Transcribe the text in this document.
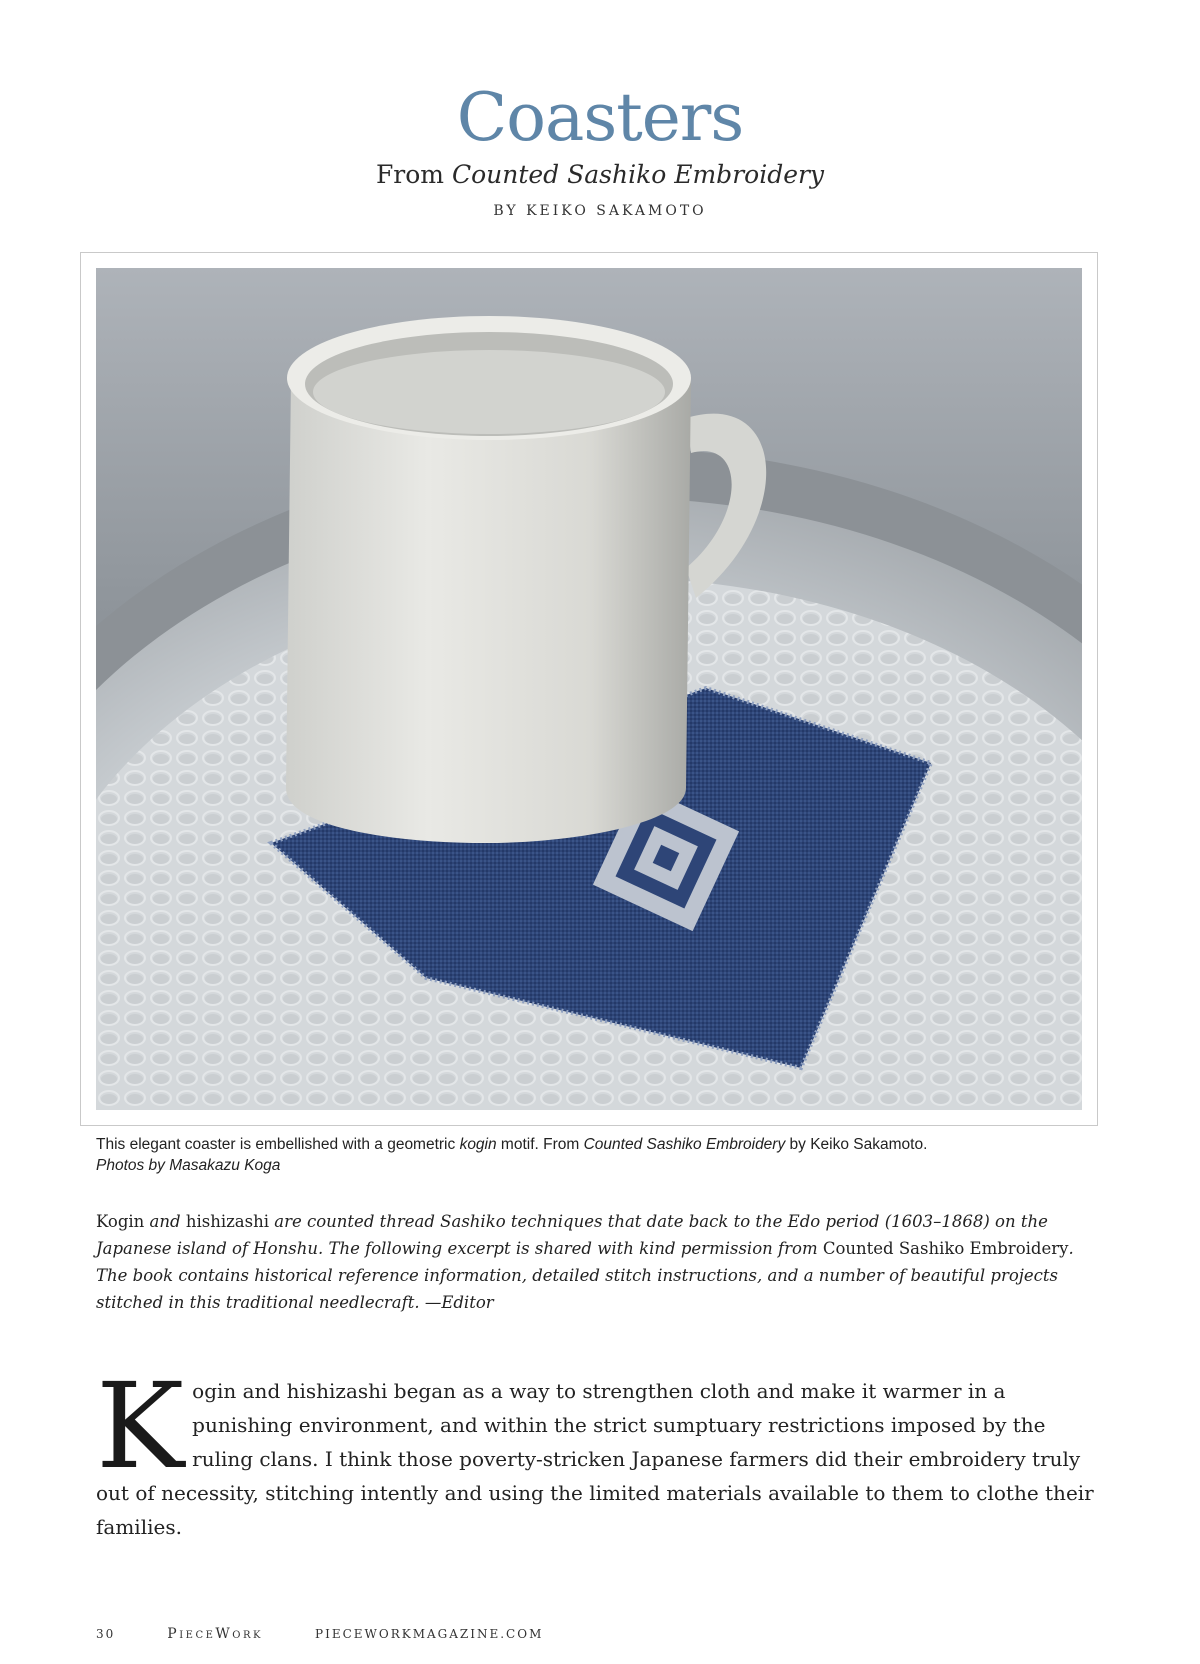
Coasters
From Counted Sashiko Embroidery
BY KEIKO SAKAMOTO
This elegant coaster is embellished with a geometric kogin motif. From Counted Sashiko Embroidery by Keiko Sakamoto.
Photos by Masakazu Koga
Kogin and hishizashi are counted thread Sashiko techniques that date back to the Edo period (1603–1868) on the Japanese island of Honshu. The following excerpt is shared with kind permission from Counted Sashiko Embroidery. The book contains historical reference information, detailed stitch instructions, and a number of beautiful projects stitched in this traditional needlecraft. —Editor
Kogin and hishizashi began as a way to strengthen cloth and make it warmer in a punishing environment, and within the strict sumptuary restrictions imposed by the ruling clans. I think those poverty-stricken Japanese farmers did their embroidery truly out of necessity, stitching intently and using the limited materials available to them to clothe their families.
30	PieceWork	PIECEWORKMAGAZINE.COM
